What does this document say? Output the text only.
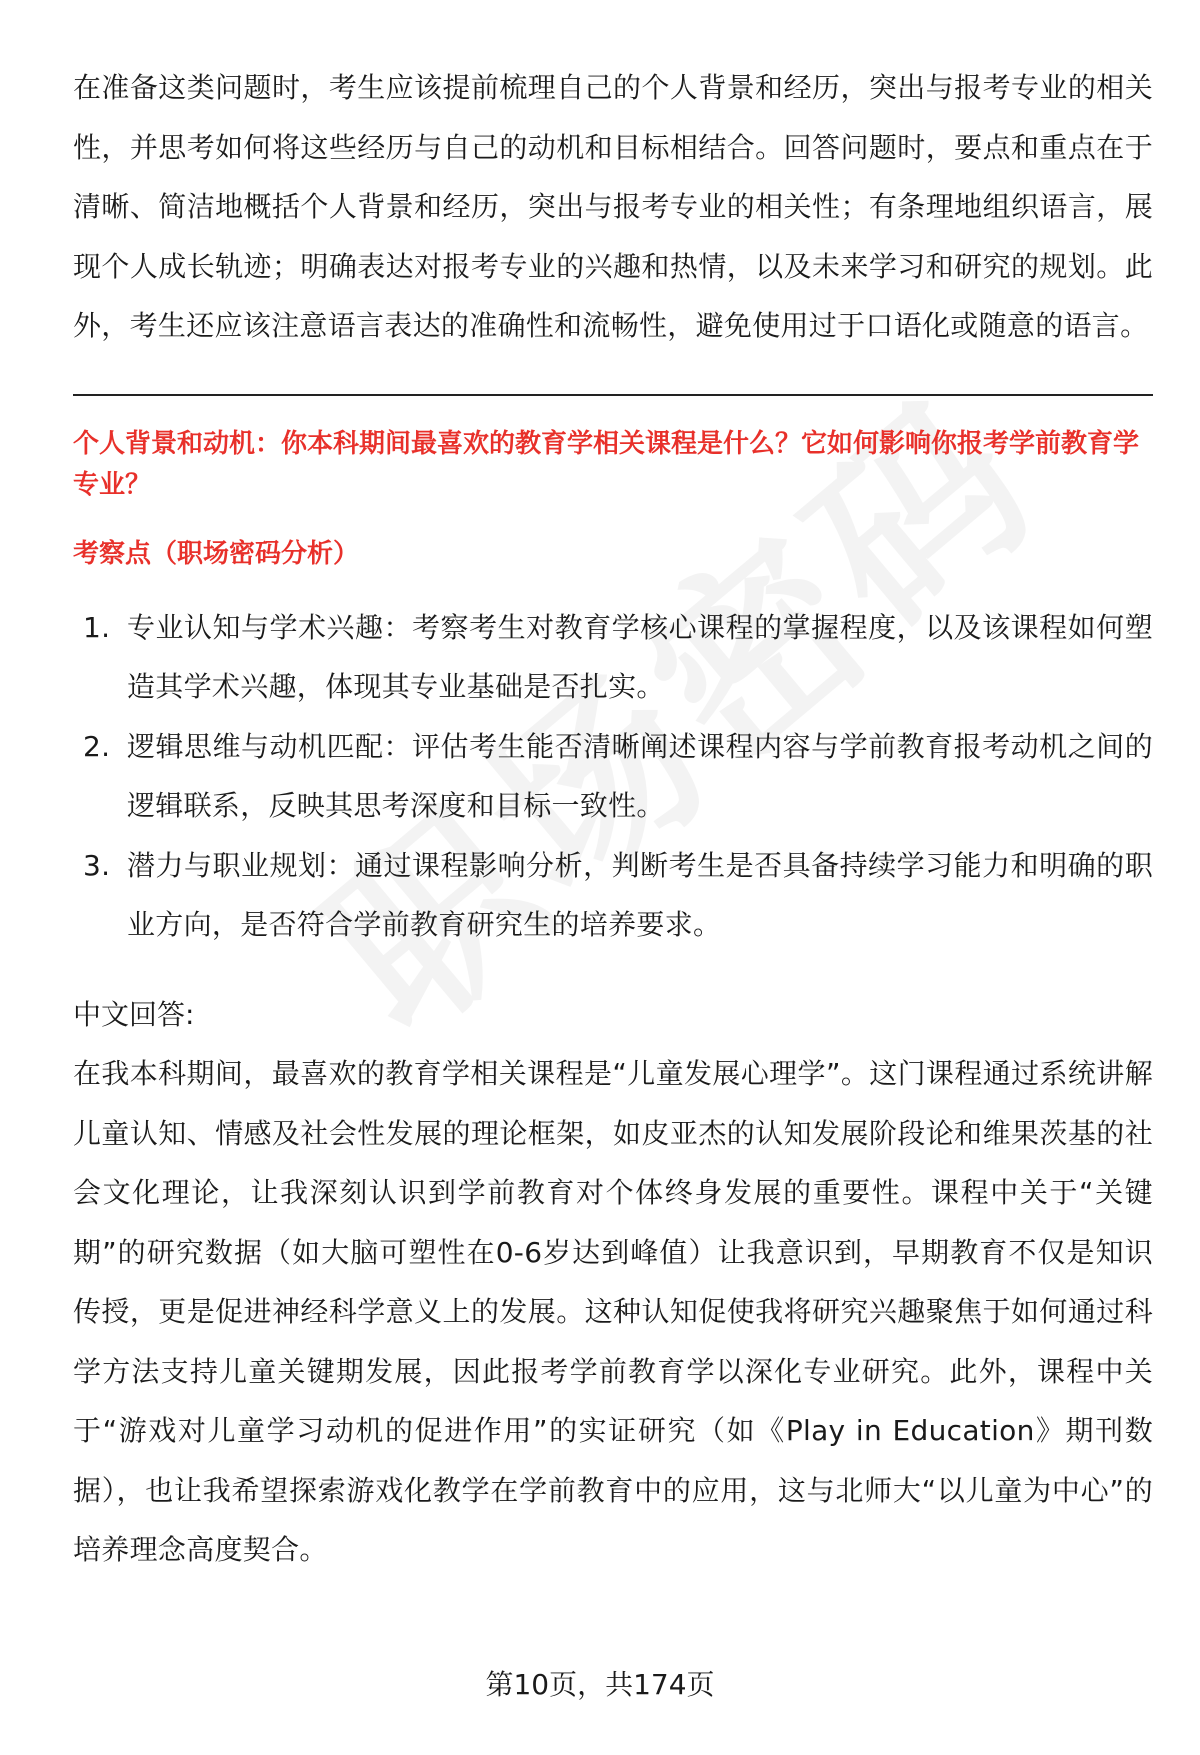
在准备这类问题时，考生应该提前梳理自己的个人背景和经历，突出与报考专业的相关性，并思考如何将这些经历与自己的动机和目标相结合。回答问题时，要点和重点在于清晰、简洁地概括个人背景和经历，突出与报考专业的相关性；有条理地组织语言，展现个人成长轨迹；明确表达对报考专业的兴趣和热情，以及未来学习和研究的规划。此外，考生还应该注意语言表达的准确性和流畅性，避免使用过于口语化或随意的语言。

个人背景和动机：你本科期间最喜欢的教育学相关课程是什么？它如何影响你报考学前教育学专业？

考察点（职场密码分析）

1. 专业认知与学术兴趣：考察考生对教育学核心课程的掌握程度，以及该课程如何塑造其学术兴趣，体现其专业基础是否扎实。
2. 逻辑思维与动机匹配：评估考生能否清晰阐述课程内容与学前教育报考动机之间的逻辑联系，反映其思考深度和目标一致性。
3. 潜力与职业规划：通过课程影响分析，判断考生是否具备持续学习能力和明确的职业方向，是否符合学前教育研究生的培养要求。

中文回答:

在我本科期间，最喜欢的教育学相关课程是“儿童发展心理学”。这门课程通过系统讲解儿童认知、情感及社会性发展的理论框架，如皮亚杰的认知发展阶段论和维果茨基的社会文化理论，让我深刻认识到学前教育对个体终身发展的重要性。课程中关于“关键期”的研究数据（如大脑可塑性在0-6岁达到峰值）让我意识到，早期教育不仅是知识传授，更是促进神经科学意义上的发展。这种认知促使我将研究兴趣聚焦于如何通过科学方法支持儿童关键期发展，因此报考学前教育学以深化专业研究。此外，课程中关于“游戏对儿童学习动机的促进作用”的实证研究（如《Play in Education》期刊数据），也让我希望探索游戏化教学在学前教育中的应用，这与北师大“以儿童为中心”的培养理念高度契合。

第10页，共174页
